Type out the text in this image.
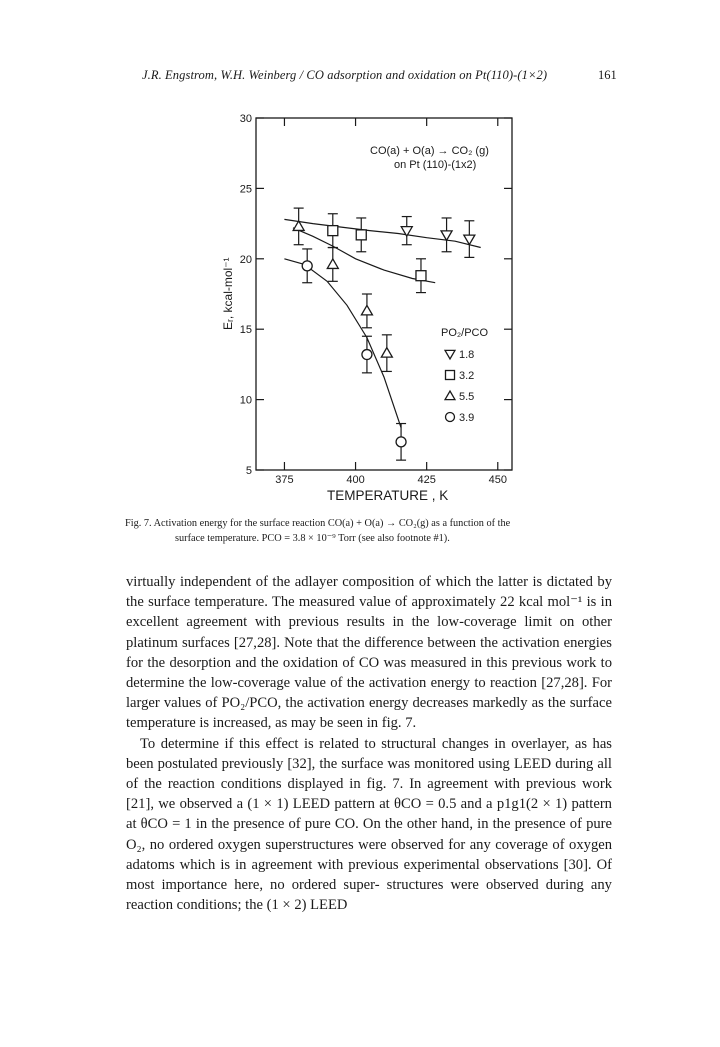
J.R. Engstrom, W.H. Weinberg / CO adsorption and oxidation on Pt(110)-(1×2)	161
375	400	425	450
5
10
15
20
25
30
CO(a) + O(a) → CO₂ (g)
on Pt (110)-(1x2)
TEMPERATURE , K
Eᵣ, kcal-mol⁻¹
PO₂/PCO
1.8
3.2
5.5
3.9
Fig. 7. Activation energy for the surface reaction CO(a) + O(a) → CO₂(g) as a function of the
surface temperature. PCO = 3.8 × 10⁻⁹ Torr (see also footnote #1).

virtually independent of the adlayer composition of which the latter is dictated by the surface temperature. The measured value of approximately 22 kcal mol⁻¹ is in excellent agreement with previous results in the low-coverage limit on other platinum surfaces [27,28]. Note that the difference between the activation energies for the desorption and the oxidation of CO was measured in this previous work to determine the low-coverage value of the activation energy to reaction [27,28]. For larger values of PO₂/PCO, the activation energy decreases markedly as the surface temperature is increased, as may be seen in fig. 7.

To determine if this effect is related to structural changes in overlayer, as has been postulated previously [32], the surface was monitored using LEED during all of the reaction conditions displayed in fig. 7. In agreement with previous work [21], we observed a (1 × 1) LEED pattern at θCO = 0.5 and a p1g1(2 × 1) pattern at θCO = 1 in the presence of pure CO. On the other hand, in the presence of pure O₂, no ordered oxygen superstructures were observed for any coverage of oxygen adatoms which is in agreement with previous experimental observations [30]. Of most importance here, no ordered super- structures were observed during any reaction conditions; the (1 × 2) LEED
